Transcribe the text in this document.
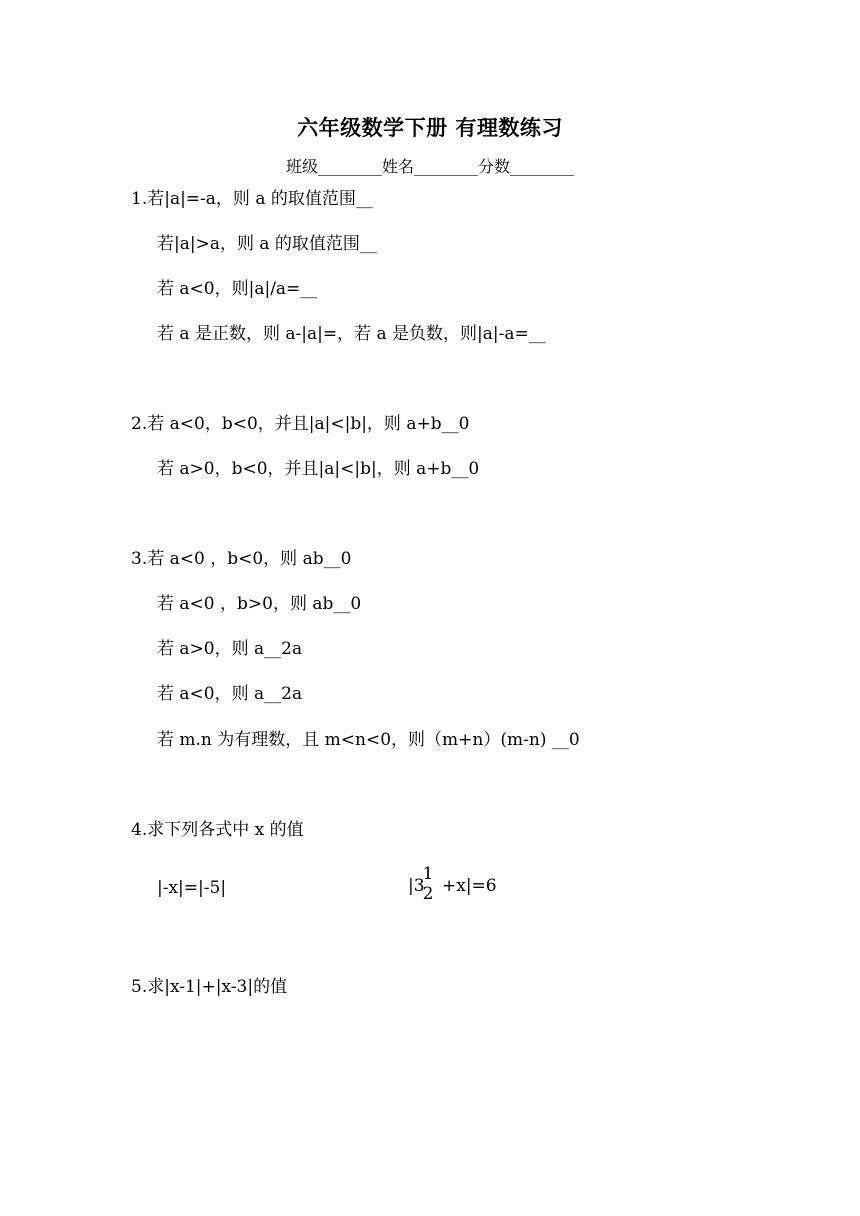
六年级数学下册 有理数练习
班级________姓名________分数________
1.若|a|=-a，则 a 的取值范围__
若|a|>a，则 a 的取值范围__
若 a<0，则|a|/a=__
若 a 是正数，则 a-|a|=，若 a 是负数，则|a|-a=__
2.若 a<0，b<0，并且|a|<|b|，则 a+b__0
若 a>0，b<0，并且|a|<|b|，则 a+b__0
3.若 a<0 ，b<0，则 ab__0
若 a<0 ，b>0，则 ab__0
若 a>0，则 a__2a
若 a<0，则 a__2a
若 m.n 为有理数，且 m<n<0，则（m+n）(m-n) __0
4.求下列各式中 x 的值
|-x|=|-5|	|3
1
2 +x|=6
5.求|x-1|+|x-3|的值
